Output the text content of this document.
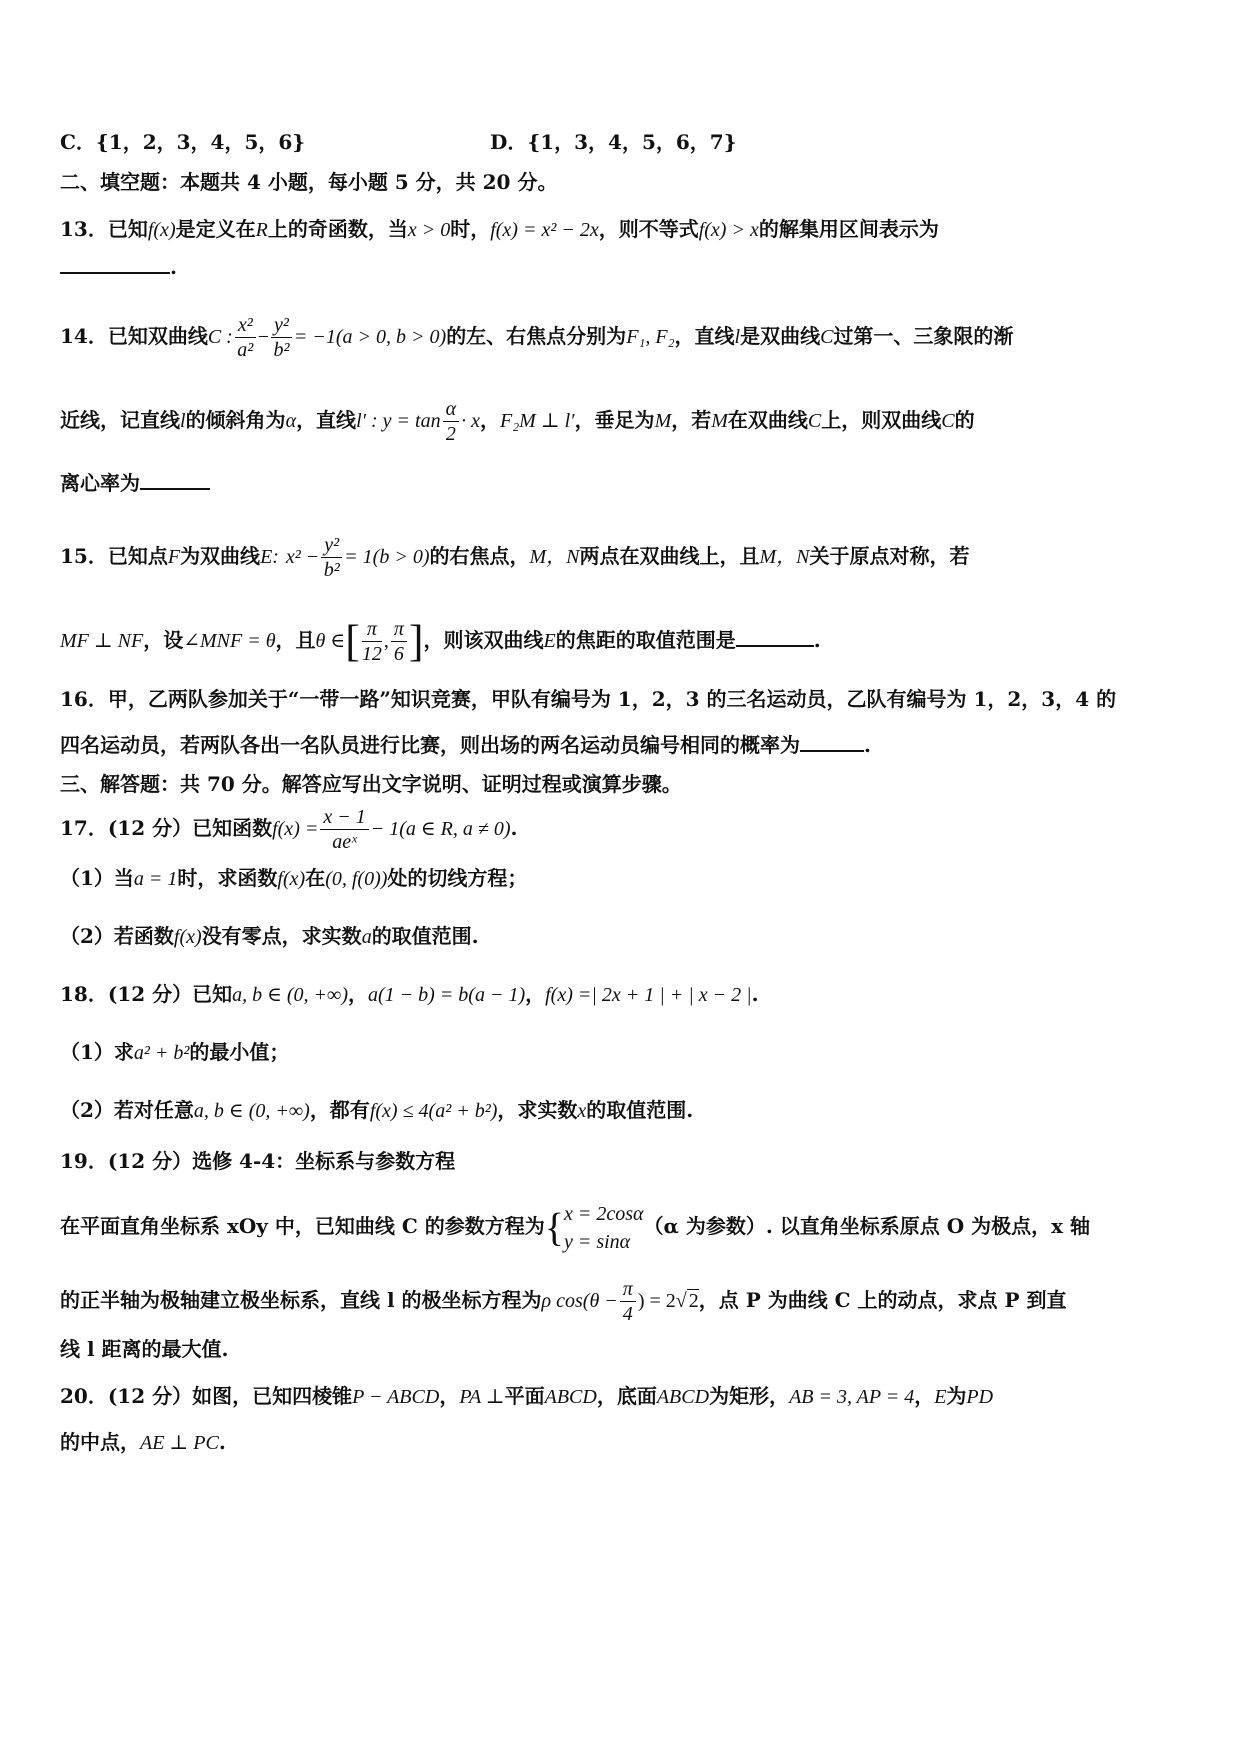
C．{1，2，3，4，5，6}	D．{1，3，4，5，6，7}
二、填空题：本题共 4 小题，每小题 5 分，共 20 分。
13．已知f(x)是定义在R上的奇函数，当x > 0时，f(x) = x² − 2x，则不等式f(x) > x的解集用区间表示为
.
14．已知双曲线C : $\frac{\text{x²}}{\text{a²}} - \frac{\text{y²}}{\text{b²}} = -1(a > 0$, b > 0)的左、右焦点分别为F₁, F₂，直线l是双曲线C过第一、三象限的渐
近线，记直线l的倾斜角为α，直线l′ : $y = \tan \frac{\alpha}{2} \cdot x$，F₂M ⊥ l′，垂足为M，若M在双曲线C上，则双曲线C的
离心率为
15．已知点F为双曲线E: $x^2 - \frac{\text{y²}}{\text{b²}} = 1(b > 0)$的右焦点，M，N两点在双曲线上，且M，N关于原点对称，若
MF ⊥ NF，设∠MNF = θ，且θ ∈[ $\frac{\pi}{12}$ , $\frac{\pi}{6}$ ]，则该双曲线E的焦距的取值范围是	.
16．甲，乙两队参加关于“一带一路”知识竞赛，甲队有编号为 1，2，3 的三名运动员，乙队有编号为 1，2，3，4 的
四名运动员，若两队各出一名队员进行比赛，则出场的两名运动员编号相同的概率为	.
三、解答题：共 70 分。解答应写出文字说明、证明过程或演算步骤。
17．(12 分）已知函数$f(x) = \frac{x - 1}{\text{aeˣ}} - 1(a$ ∈ R, a ≠ 0).
（1）当a = 1时，求函数f(x)在(0, f(0))处的切线方程；
（2）若函数f(x)没有零点，求实数a的取值范围.
18．(12 分）已知a, b ∈ (0, +∞)，a(1 − b) = b(a − 1)，f(x) =| 2x + 1 | + | x − 2 |.
（1）求a² + b²的最小值；
（2）若对任意a, b ∈ (0, +∞)，都有f(x) ≤ 4(a² + b²)，求实数x的取值范围.
19．(12 分）选修 4-4：坐标系与参数方程
在平面直角坐标系 xOy 中，已知曲线 C 的参数方程为{ x = 2cosα
y = sinα
（α 为参数）. 以直角坐标系原点 O 为极点，x 轴
的正半轴为极轴建立极坐标系，直线 l 的极坐标方程为ρ $\cos(\theta - \frac{\pi}{4}$ ) = 2√ 2，点 P 为曲线 C 上的动点，求点 P 到直
线 l 距离的最大值.
20．(12 分）如图，已知四棱锥P − ABCD，PA ⊥平面ABCD，底面ABCD为矩形，AB = 3, AP = 4，E为PD
的中点，AE ⊥ PC.
